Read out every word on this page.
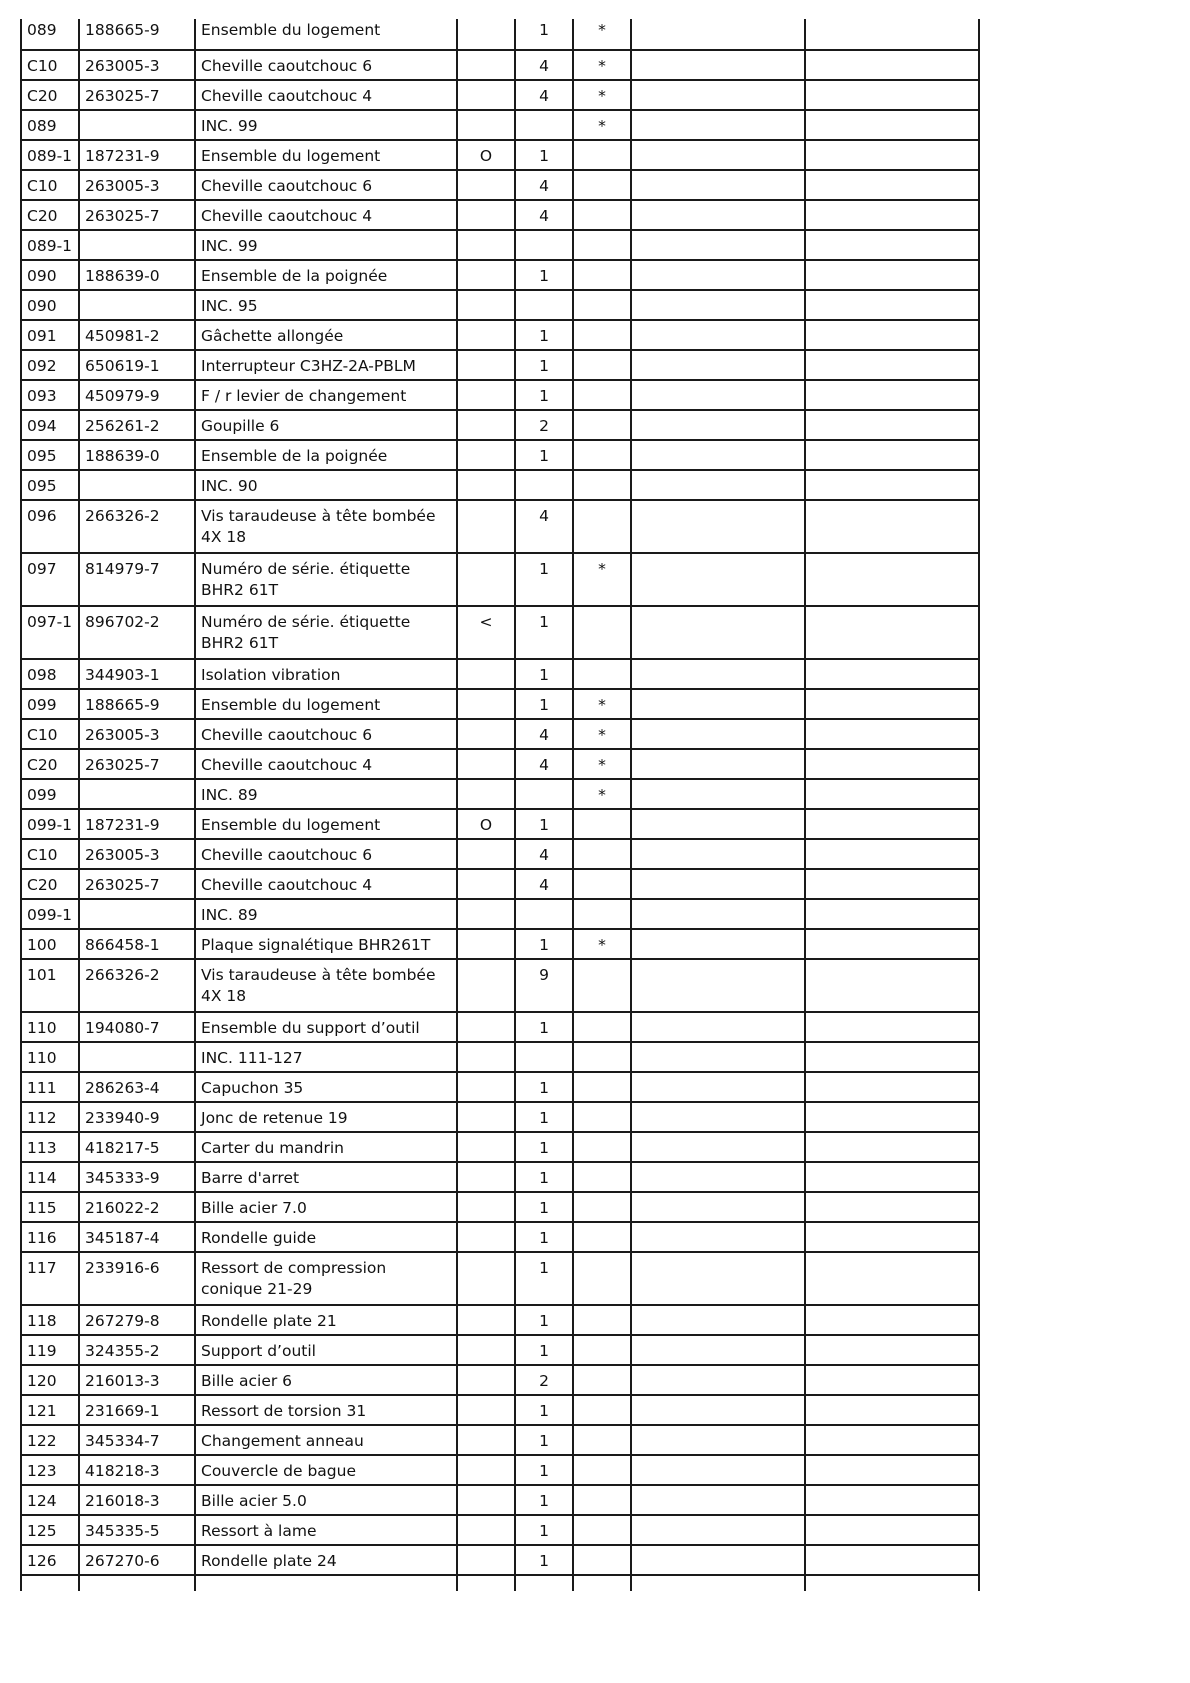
089	188665-9	Ensemble du logement		1	*		
C10	263005-3	Cheville caoutchouc 6		4	*		
C20	263025-7	Cheville caoutchouc 4		4	*		
089		INC. 99			*		
089-1	187231-9	Ensemble du logement	O	1			
C10	263005-3	Cheville caoutchouc 6		4			
C20	263025-7	Cheville caoutchouc 4		4			
089-1		INC. 99					
090	188639-0	Ensemble de la poignée		1			
090		INC. 95					
091	450981-2	Gâchette allongée		1			
092	650619-1	Interrupteur C3HZ-2A-PBLM		1			
093	450979-9	F / r levier de changement		1			
094	256261-2	Goupille 6		2			
095	188639-0	Ensemble de la poignée		1			
095		INC. 90					
096	266326-2	Vis taraudeuse à tête bombée 4X 18		4			
097	814979-7	Numéro de série. étiquette BHR2 61T		1	*		
097-1	896702-2	Numéro de série. étiquette BHR2 61T	<	1			
098	344903-1	Isolation vibration		1			
099	188665-9	Ensemble du logement		1	*		
C10	263005-3	Cheville caoutchouc 6		4	*		
C20	263025-7	Cheville caoutchouc 4		4	*		
099		INC. 89			*		
099-1	187231-9	Ensemble du logement	O	1			
C10	263005-3	Cheville caoutchouc 6		4			
C20	263025-7	Cheville caoutchouc 4		4			
099-1		INC. 89					
100	866458-1	Plaque signalétique BHR261T		1	*		
101	266326-2	Vis taraudeuse à tête bombée 4X 18		9			
110	194080-7	Ensemble du support d’outil		1			
110		INC. 111-127					
111	286263-4	Capuchon 35		1			
112	233940-9	Jonc de retenue 19		1			
113	418217-5	Carter du mandrin		1			
114	345333-9	Barre d'arret		1			
115	216022-2	Bille acier 7.0		1			
116	345187-4	Rondelle guide		1			
117	233916-6	Ressort de compression conique 21-29		1			
118	267279-8	Rondelle plate 21		1			
119	324355-2	Support d’outil		1			
120	216013-3	Bille acier 6		2			
121	231669-1	Ressort de torsion 31		1			
122	345334-7	Changement anneau		1			
123	418218-3	Couvercle de bague		1			
124	216018-3	Bille acier 5.0		1			
125	345335-5	Ressort à lame		1			
126	267270-6	Rondelle plate 24		1			
